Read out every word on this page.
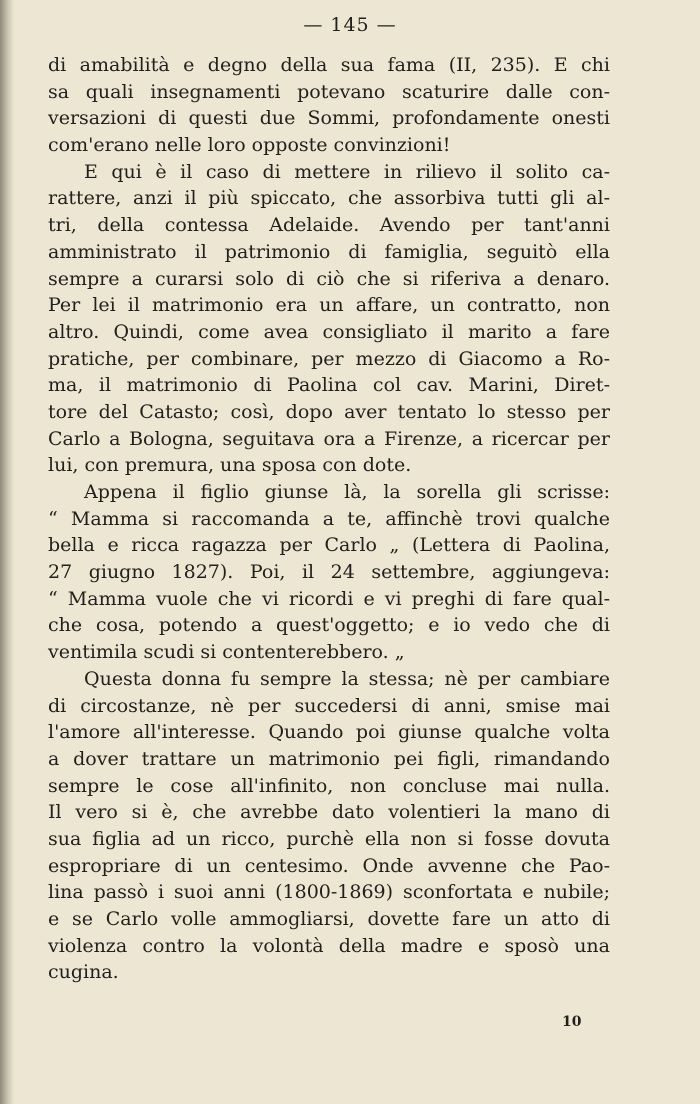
— 145 —
di amabilità e degno della sua fama (II, 235). E chi
sa quali insegnamenti potevano scaturire dalle con-
versazioni di questi due Sommi, profondamente onesti
com'erano nelle loro opposte convinzioni!
E qui è il caso di mettere in rilievo il solito ca-
rattere, anzi il più spiccato, che assorbiva tutti gli al-
tri, della contessa Adelaide. Avendo per tant'anni
amministrato il patrimonio di famiglia, seguitò ella
sempre a curarsi solo di ciò che si riferiva a denaro.
Per lei il matrimonio era un affare, un contratto, non
altro. Quindi, come avea consigliato il marito a fare
pratiche, per combinare, per mezzo di Giacomo a Ro-
ma, il matrimonio di Paolina col cav. Marini, Diret-
tore del Catasto; così, dopo aver tentato lo stesso per
Carlo a Bologna, seguitava ora a Firenze, a ricercar per
lui, con premura, una sposa con dote.
Appena il figlio giunse là, la sorella gli scrisse:
“ Mamma si raccomanda a te, affinchè trovi qualche
bella e ricca ragazza per Carlo „ (Lettera di Paolina,
27 giugno 1827). Poi, il 24 settembre, aggiungeva:
“ Mamma vuole che vi ricordi e vi preghi di fare qual-
che cosa, potendo a quest'oggetto; e io vedo che di
ventimila scudi si contenterebbero. „
Questa donna fu sempre la stessa; nè per cambiare
di circostanze, nè per succedersi di anni, smise mai
l'amore all'interesse. Quando poi giunse qualche volta
a dover trattare un matrimonio pei figli, rimandando
sempre le cose all'infinito, non concluse mai nulla.
Il vero si è, che avrebbe dato volentieri la mano di
sua figlia ad un ricco, purchè ella non si fosse dovuta
espropriare di un centesimo. Onde avvenne che Pao-
lina passò i suoi anni (1800-1869) sconfortata e nubile;
e se Carlo volle ammogliarsi, dovette fare un atto di
violenza contro la volontà della madre e sposò una
cugina.
10
